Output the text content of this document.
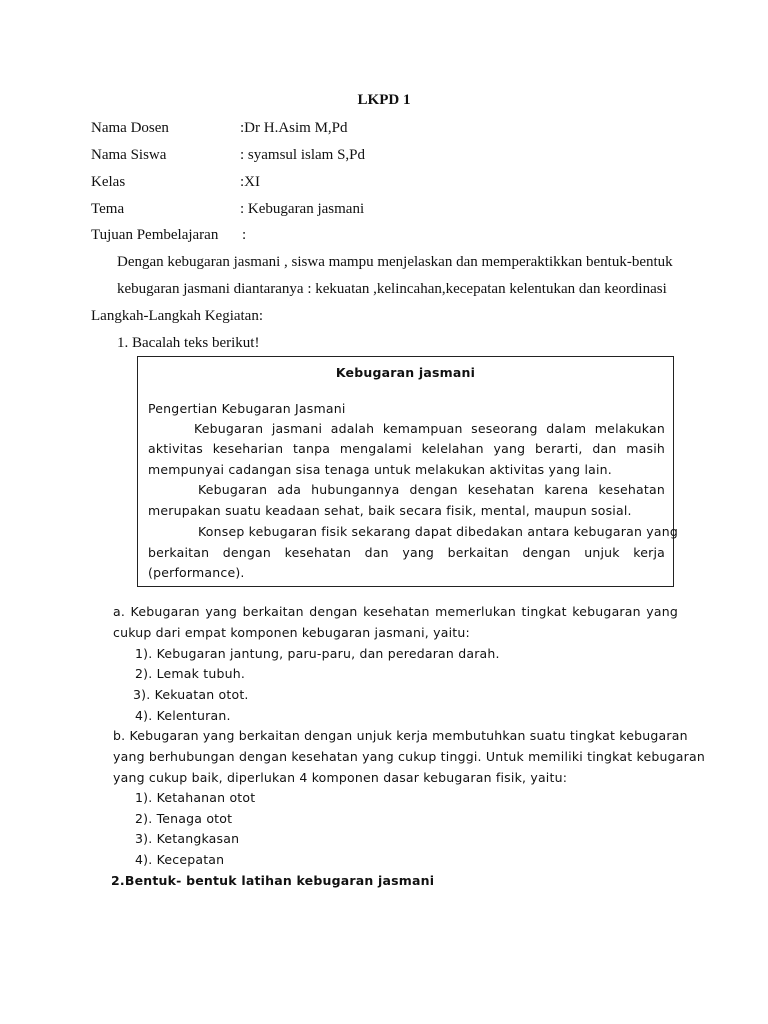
LKPD 1
Nama Dosen	:Dr H.Asim M,Pd
Nama Siswa	: syamsul islam S,Pd
Kelas	:XI
Tema	: Kebugaran jasmani
Tujuan Pembelajaran :
Dengan kebugaran jasmani , siswa mampu menjelaskan dan memperaktikkan bentuk-bentuk
kebugaran jasmani diantaranya : kekuatan ,kelincahan,kecepatan kelentukan dan keordinasi
Langkah-Langkah Kegiatan:
1. Bacalah teks berikut!
Kebugaran jasmani
Pengertian Kebugaran Jasmani
Kebugaran jasmani adalah kemampuan seseorang dalam melakukan
aktivitas keseharian tanpa mengalami kelelahan yang berarti, dan masih
mempunyai cadangan sisa tenaga untuk melakukan aktivitas yang lain.
Kebugaran ada hubungannya dengan kesehatan karena kesehatan
merupakan suatu keadaan sehat, baik secara fisik, mental, maupun sosial.
Konsep kebugaran fisik sekarang dapat dibedakan antara kebugaran yang
berkaitan dengan kesehatan dan yang berkaitan dengan unjuk kerja
(performance).
a. Kebugaran yang berkaitan dengan kesehatan memerlukan tingkat kebugaran yang
cukup dari empat komponen kebugaran jasmani, yaitu:
1). Kebugaran jantung, paru-paru, dan peredaran darah.
2). Lemak tubuh.
3). Kekuatan otot.
4). Kelenturan.
b. Kebugaran yang berkaitan dengan unjuk kerja membutuhkan suatu tingkat kebugaran
yang berhubungan dengan kesehatan yang cukup tinggi. Untuk memiliki tingkat kebugaran
yang cukup baik, diperlukan 4 komponen dasar kebugaran fisik, yaitu:
1). Ketahanan otot
2). Tenaga otot
3). Ketangkasan
4). Kecepatan
2.Bentuk- bentuk latihan kebugaran jasmani
